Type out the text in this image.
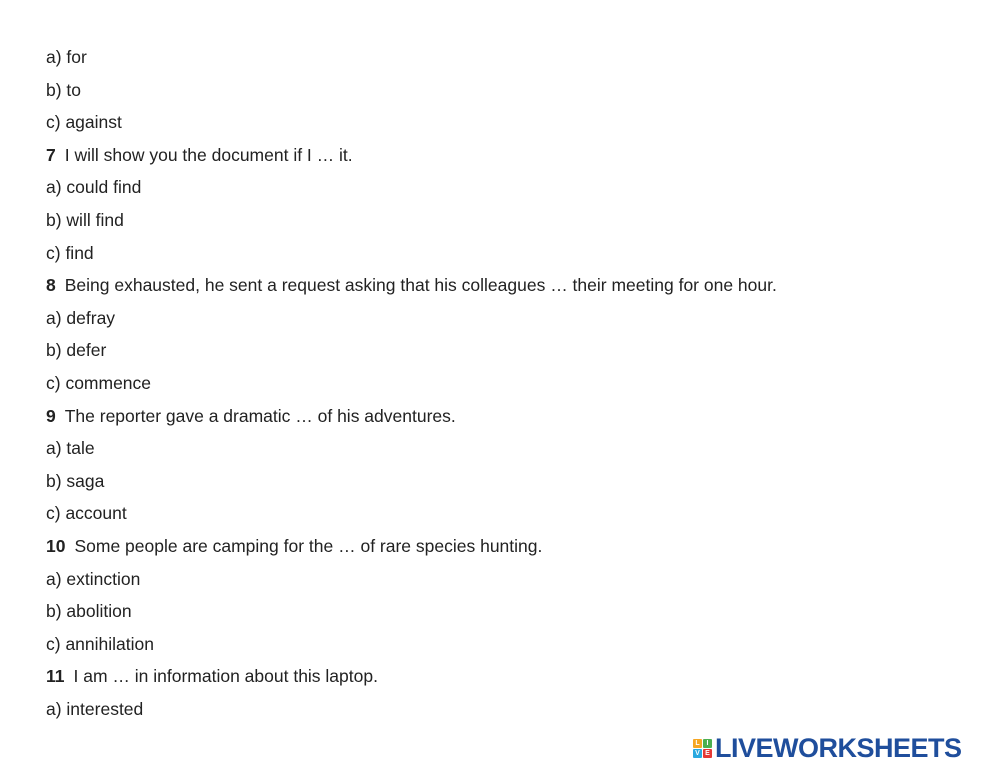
a) for
b) to
c) against
7 I will show you the document if I … it.
a) could find
b) will find
c) find
8 Being exhausted, he sent a request asking that his colleagues … their meeting for one hour.
a) defray
b) defer
c) commence
9 The reporter gave a dramatic … of his adventures.
a) tale
b) saga
c) account
10 Some people are camping for the … of rare species hunting.
a) extinction
b) abolition
c) annihilation
11 I am … in information about this laptop.
a) interested
L I
V E LIVEWORKSHEETS
